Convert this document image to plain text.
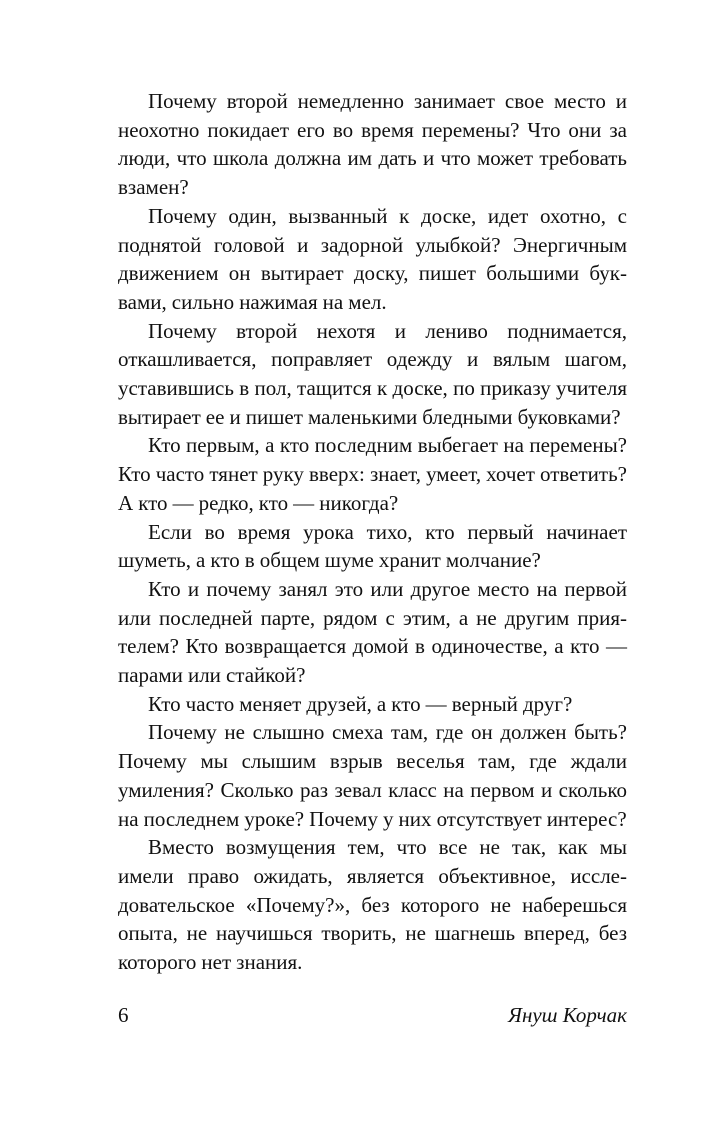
Почему второй немедленно занимает свое место и неохотно покидает его во время перемены? Что они за люди, что школа должна им дать и что может требовать взамен?

Почему один, вызванный к доске, идет охотно, с поднятой головой и задорной улыбкой? Энергичным движением он вытирает доску, пишет большими буквами, сильно нажимая на мел.

Почему второй нехотя и лениво поднимается, откашливается, поправляет одежду и вялым шагом, уставившись в пол, тащится к доске, по приказу учителя вытирает ее и пишет маленькими бледными буковками?

Кто первым, а кто последним выбегает на перемены? Кто часто тянет руку вверх: знает, умеет, хочет ответить? А кто — редко, кто — никогда?

Если во время урока тихо, кто первый начинает шуметь, а кто в общем шуме хранит молчание?

Кто и почему занял это или другое место на первой или последней парте, рядом с этим, а не другим приятелем? Кто возвращается домой в одиночестве, а кто — парами или стайкой?

Кто часто меняет друзей, а кто — верный друг?

Почему не слышно смеха там, где он должен быть? Почему мы слышим взрыв веселья там, где ждали умиления? Сколько раз зевал класс на первом и сколько на последнем уроке? Почему у них отсутствует интерес?

Вместо возмущения тем, что все не так, как мы имели право ожидать, является объективное, исследовательское «Почему?», без которого не наберешься опыта, не научишься творить, не шагнешь вперед, без которого нет знания.

6	Януш Корчак
